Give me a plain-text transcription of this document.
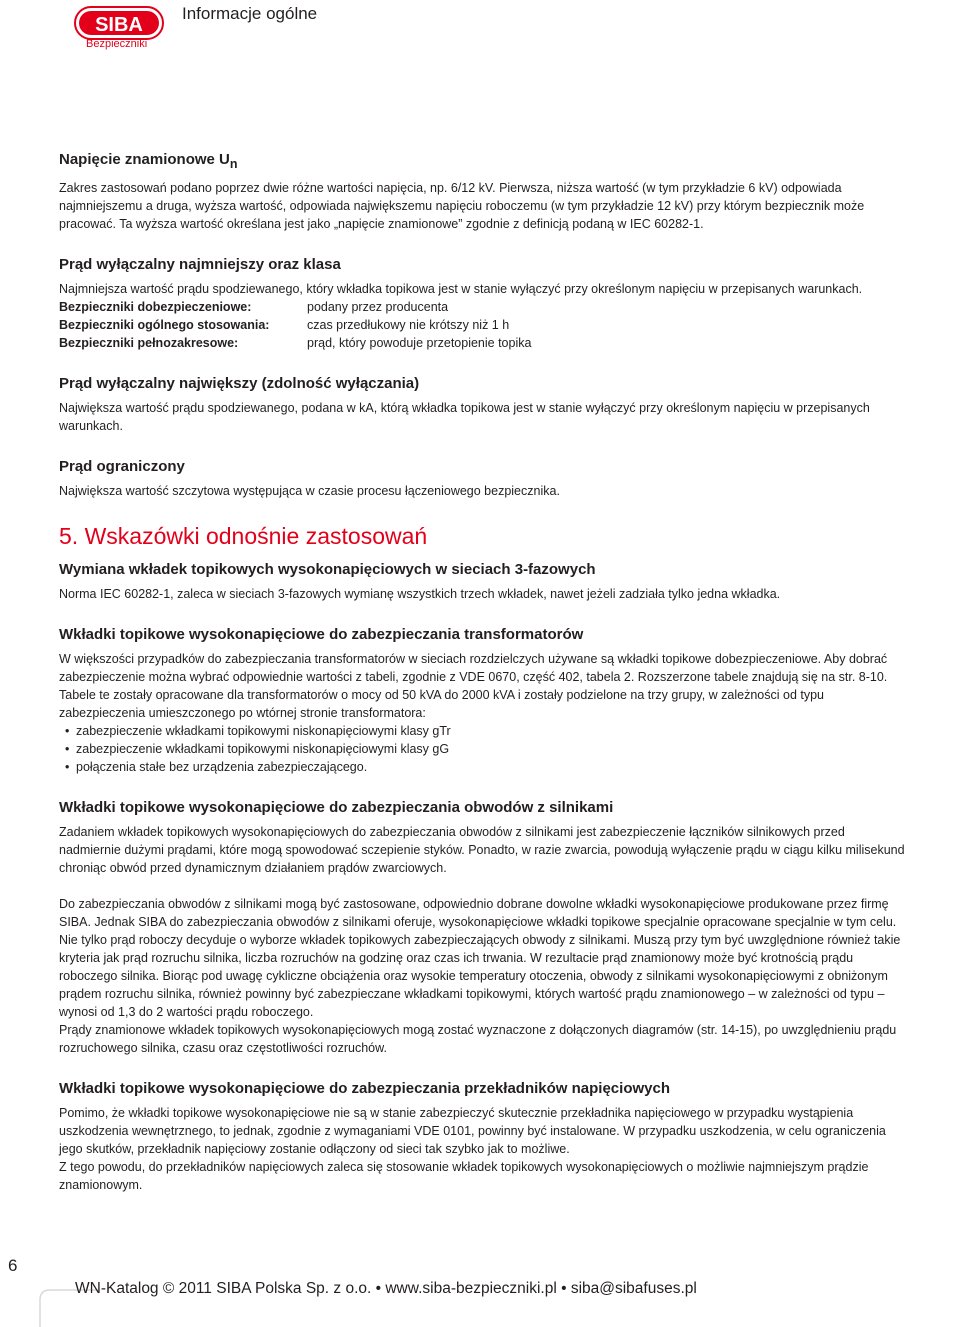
SIBA
Bezpieczniki
Informacje ogólne
Napięcie znamionowe $U_n$

Zakres zastosowań podano poprzez dwie różne wartości napięcia, np. 6/12 kV. Pierwsza, niższa wartość (w tym przykładzie 6 kV) odpowiada najmniejszemu a druga, wyższa wartość, odpowiada największemu napięciu roboczemu (w tym przykładzie 12 kV) przy którym bezpiecznik może pracować. Ta wyższa wartość określana jest jako „napięcie znamionowe” zgodnie z definicją podaną w IEC 60282-1.

Prąd wyłączalny najmniejszy oraz klasa

Najmniejsza wartość prądu spodziewanego, który wkładka topikowa jest w stanie wyłączyć przy określonym napięciu w przepisanych warunkach.

Bezpieczniki dobezpieczeniowe:	podany przez producenta
Bezpieczniki ogólnego stosowania:	czas przedłukowy nie krótszy niż 1 h
Bezpieczniki pełnozakresowe:	prąd, który powoduje przetopienie topika
Prąd wyłączalny największy (zdolność wyłączania)

Największa wartość prądu spodziewanego, podana w kA, którą wkładka topikowa jest w stanie wyłączyć przy określonym napięciu w przepisanych warunkach.

Prąd ograniczony

Największa wartość szczytowa występująca w czasie procesu łączeniowego bezpiecznika.

5. Wskazówki odnośnie zastosowań
Wymiana wkładek topikowych wysokonapięciowych w sieciach 3-fazowych

Norma IEC 60282-1, zaleca w sieciach 3-fazowych wymianę wszystkich trzech wkładek, nawet jeżeli zadziała tylko jedna wkładka.

Wkładki topikowe wysokonapięciowe do zabezpieczania transformatorów

W większości przypadków do zabezpieczania transformatorów w sieciach rozdzielczych używane są wkładki topikowe dobezpieczeniowe. Aby dobrać zabezpieczenie można wybrać odpowiednie wartości z tabeli, zgodnie z VDE 0670, część 402, tabela 2. Rozszerzone tabele znajdują się na str. 8-10. Tabele te zostały opracowane dla transformatorów o mocy od 50 kVA do 2000 kVA i zostały podzielone na trzy grupy, w zależności od typu zabezpieczenia umieszczonego po wtórnej stronie transformatora:

• zabezpieczenie wkładkami topikowymi niskonapięciowymi klasy gTr
• zabezpieczenie wkładkami topikowymi niskonapięciowymi klasy gG
• połączenia stałe bez urządzenia zabezpieczającego.
Wkładki topikowe wysokonapięciowe do zabezpieczania obwodów z silnikami

Zadaniem wkładek topikowych wysokonapięciowych do zabezpieczania obwodów z silnikami jest zabezpieczenie łączników silnikowych przed nadmiernie dużymi prądami, które mogą spowodować sczepienie styków. Ponadto, w razie zwarcia, powodują wyłączenie prądu w ciągu kilku milisekund chroniąc obwód przed dynamicznym działaniem prądów zwarciowych.

Do zabezpieczania obwodów z silnikami mogą być zastosowane, odpowiednio dobrane dowolne wkładki wysokonapięciowe produkowane przez firmę SIBA. Jednak SIBA do zabezpieczania obwodów z silnikami oferuje, wysokonapięciowe wkładki topikowe specjalnie opracowane specjalnie w tym celu.

Nie tylko prąd roboczy decyduje o wyborze wkładek topikowych zabezpieczających obwody z silnikami. Muszą przy tym być uwzględnione również takie kryteria jak prąd rozruchu silnika, liczba rozruchów na godzinę oraz czas ich trwania. W rezultacie prąd znamionowy może być krotnością prądu roboczego silnika. Biorąc pod uwagę cykliczne obciążenia oraz wysokie temperatury otoczenia, obwody z silnikami wysokonapięciowymi z obniżonym prądem rozruchu silnika, również powinny być zabezpieczane wkładkami topikowymi, których wartość prądu znamionowego – w zależności od typu – wynosi od 1,3 do 2 wartości prądu roboczego.

Prądy znamionowe wkładek topikowych wysokonapięciowych mogą zostać wyznaczone z dołączonych diagramów (str. 14-15), po uwzględnieniu prądu rozruchowego silnika, czasu oraz częstotliwości rozruchów.

Wkładki topikowe wysokonapięciowe do zabezpieczania przekładników napięciowych

Pomimo, że wkładki topikowe wysokonapięciowe nie są w stanie zabezpieczyć skutecznie przekładnika napięciowego w przypadku wystąpienia uszkodzenia wewnętrznego, to jednak, zgodnie z wymaganiami VDE 0101, powinny być instalowane. W przypadku uszkodzenia, w celu ograniczenia jego skutków, przekładnik napięciowy zostanie odłączony od sieci tak szybko jak to możliwe.

Z tego powodu, do przekładników napięciowych zaleca się stosowanie wkładek topikowych wysokonapięciowych o możliwie najmniejszym prądzie znamionowym.

6
WN-Katalog © 2011 SIBA Polska Sp. z o.o. • www.siba-bezpieczniki.pl • siba@sibafuses.pl
